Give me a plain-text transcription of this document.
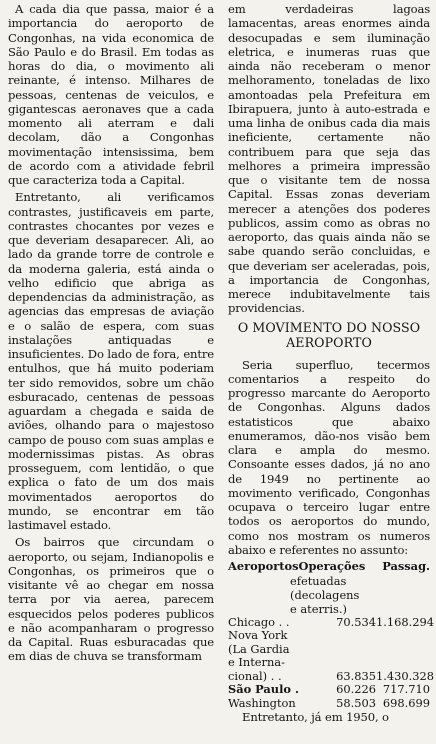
A cada dia que passa, maior é a importancia do aeroporto de Congonhas, na vida economica de São Paulo e do Brasil. Em todas as horas do dia, o movimento ali reinante, é intenso. Milhares de pessoas, centenas de veiculos, e gigantescas aeronaves que a cada momento ali aterram e dali decolam, dão a Congonhas movimentação intensissima, bem de acordo com a atividade febril que caracteriza toda a Capital.

Entretanto, ali verificamos contrastes, justificaveis em parte, contrastes chocantes por vezes e que deveriam desaparecer. Ali, ao lado da grande torre de controle e da moderna galeria, está ainda o velho edificio que abriga as dependencias da administração, as agencias das empresas de aviação e o salão de espera, com suas instalações antiquadas e insuficientes. Do lado de fora, entre entulhos, que há muito poderiam ter sido removidos, sobre um chão esburacado, centenas de pessoas aguardam a chegada e saida de aviões, olhando para o majestoso campo de pouso com suas amplas e modernissimas pistas. As obras prosseguem, com lentidão, o que explica o fato de um dos mais movimentados aeroportos do mundo, se encontrar em tão lastimavel estado.

Os bairros que circundam o aeroporto, ou sejam, Indianopolis e Congonhas, os primeiros que o visitante vê ao chegar em nossa terra por via aerea, parecem esquecidos pelos poderes publicos e não acompanharam o progresso da Capital. Ruas esburacadas que em dias de chuva se transformam

em verdadeiras lagoas lamacentas, areas enormes ainda desocupadas e sem iluminação eletrica, e inumeras ruas que ainda não receberam o menor melhoramento, toneladas de lixo amontoadas pela Prefeitura em Ibirapuera, junto à auto-estrada e uma linha de onibus cada dia mais ineficiente, certamente não contribuem para que seja das melhores a primeira impressão que o visitante tem de nossa Capital. Essas zonas deveriam merecer a atenções dos poderes publicos, assim como as obras no aeroporto, das quais ainda não se sabe quando serão concluidas, e que deveriam ser aceleradas, pois, a importancia de Congonhas, merece indubitavelmente tais providencias.

O MOVIMENTO DO NOSSO AEROPORTO

Seria superfluo, tecermos comentarios a respeito do progresso marcante do Aeroporto de Congonhas. Alguns dados estatisticos que abaixo enumeramos, dão-nos visão bem clara e ampla do mesmo. Consoante esses dados, já no ano de 1949 no pertinente ao movimento verificado, Congonhas ocupava o terceiro lugar entre todos os aeroportos do mundo, como nos mostram os numeros abaixo e referentes no assunto:

Aeroportos Operações	Passag.
efetuadas
(decolagens
e aterris.)
Chicago . .	70.534 1.168.294
Nova York
(La Gardia
e Interna-
cional) . .	63.835 1.430.328
São Paulo .	60.226 717.710
Washington	58.503 698.699

Entretanto, já em 1950, o
